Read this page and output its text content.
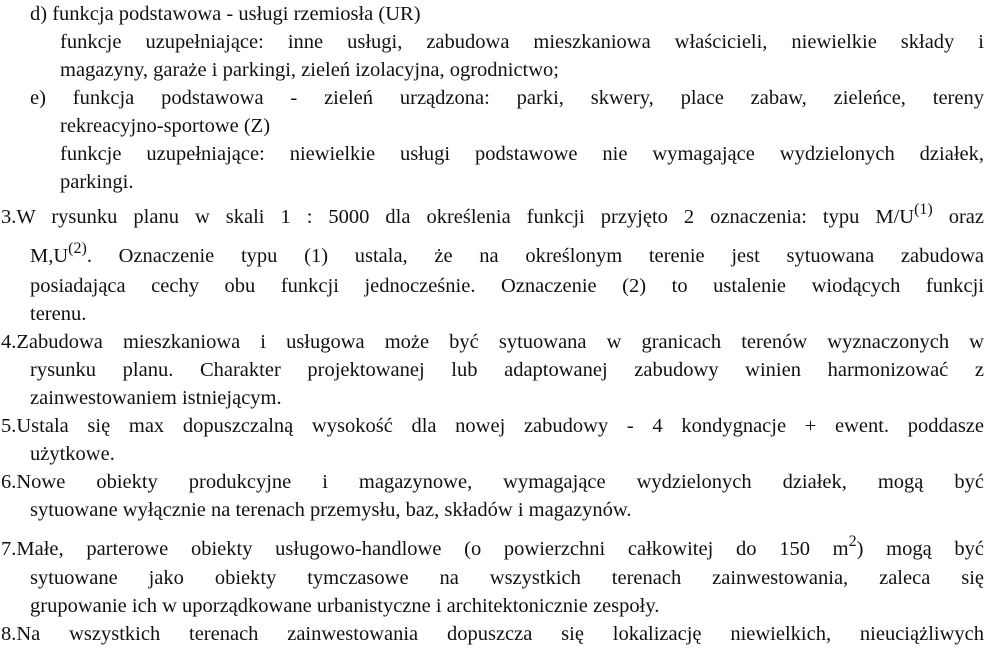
d) funkcja podstawowa - usługi rzemiosła (UR)
funkcje uzupełniające: inne usługi, zabudowa mieszkaniowa właścicieli, niewielkie składy i
magazyny, garaże i parkingi, zieleń izolacyjna, ogrodnictwo;
e) funkcja podstawowa - zieleń urządzona: parki, skwery, place zabaw, zieleńce, tereny
rekreacyjno-sportowe (Z)
funkcje uzupełniające: niewielkie usługi podstawowe nie wymagające wydzielonych działek,
parkingi.
3.W rysunku planu w skali 1 : 5000 dla określenia funkcji przyjęto 2 oznaczenia: typu $M/U^{(1)}$ oraz
$M,U^{(2)}$. Oznaczenie typu (1) ustala, że na określonym terenie jest sytuowana zabudowa
posiadająca cechy obu funkcji jednocześnie. Oznaczenie (2) to ustalenie wiodących funkcji
terenu.
4.Zabudowa mieszkaniowa i usługowa może być sytuowana w granicach terenów wyznaczonych w
rysunku planu. Charakter projektowanej lub adaptowanej zabudowy winien harmonizować z
zainwestowaniem istniejącym.
5.Ustala się max dopuszczalną wysokość dla nowej zabudowy - 4 kondygnacje + ewent. poddasze
użytkowe.
6.Nowe obiekty produkcyjne i magazynowe, wymagające wydzielonych działek, mogą być
sytuowane wyłącznie na terenach przemysłu, baz, składów i magazynów.
7.Małe, parterowe obiekty usługowo-handlowe (o powierzchni całkowitej do 150 $m^2$) mogą być
sytuowane jako obiekty tymczasowe na wszystkich terenach zainwestowania, zaleca się
grupowanie ich w uporządkowane urbanistyczne i architektonicznie zespoły.
8.Na wszystkich terenach zainwestowania dopuszcza się lokalizację niewielkich, nieuciążliwych
